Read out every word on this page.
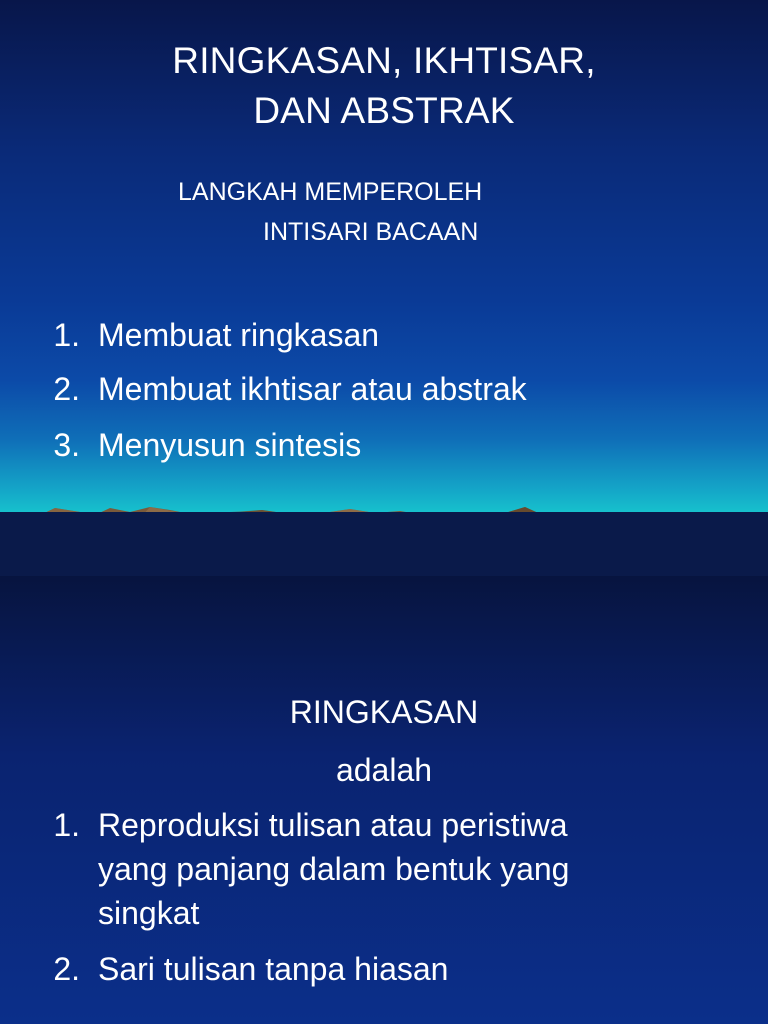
RINGKASAN, IKHTISAR,
DAN ABSTRAK
LANGKAH MEMPEROLEH
INTISARI BACAAN
1. Membuat ringkasan
2. Membuat ikhtisar atau abstrak
3. Menyusun sintesis
RINGKASAN
adalah
1. Reproduksi tulisan atau peristiwa
yang panjang dalam bentuk yang
singkat
2. Sari tulisan tanpa hiasan
